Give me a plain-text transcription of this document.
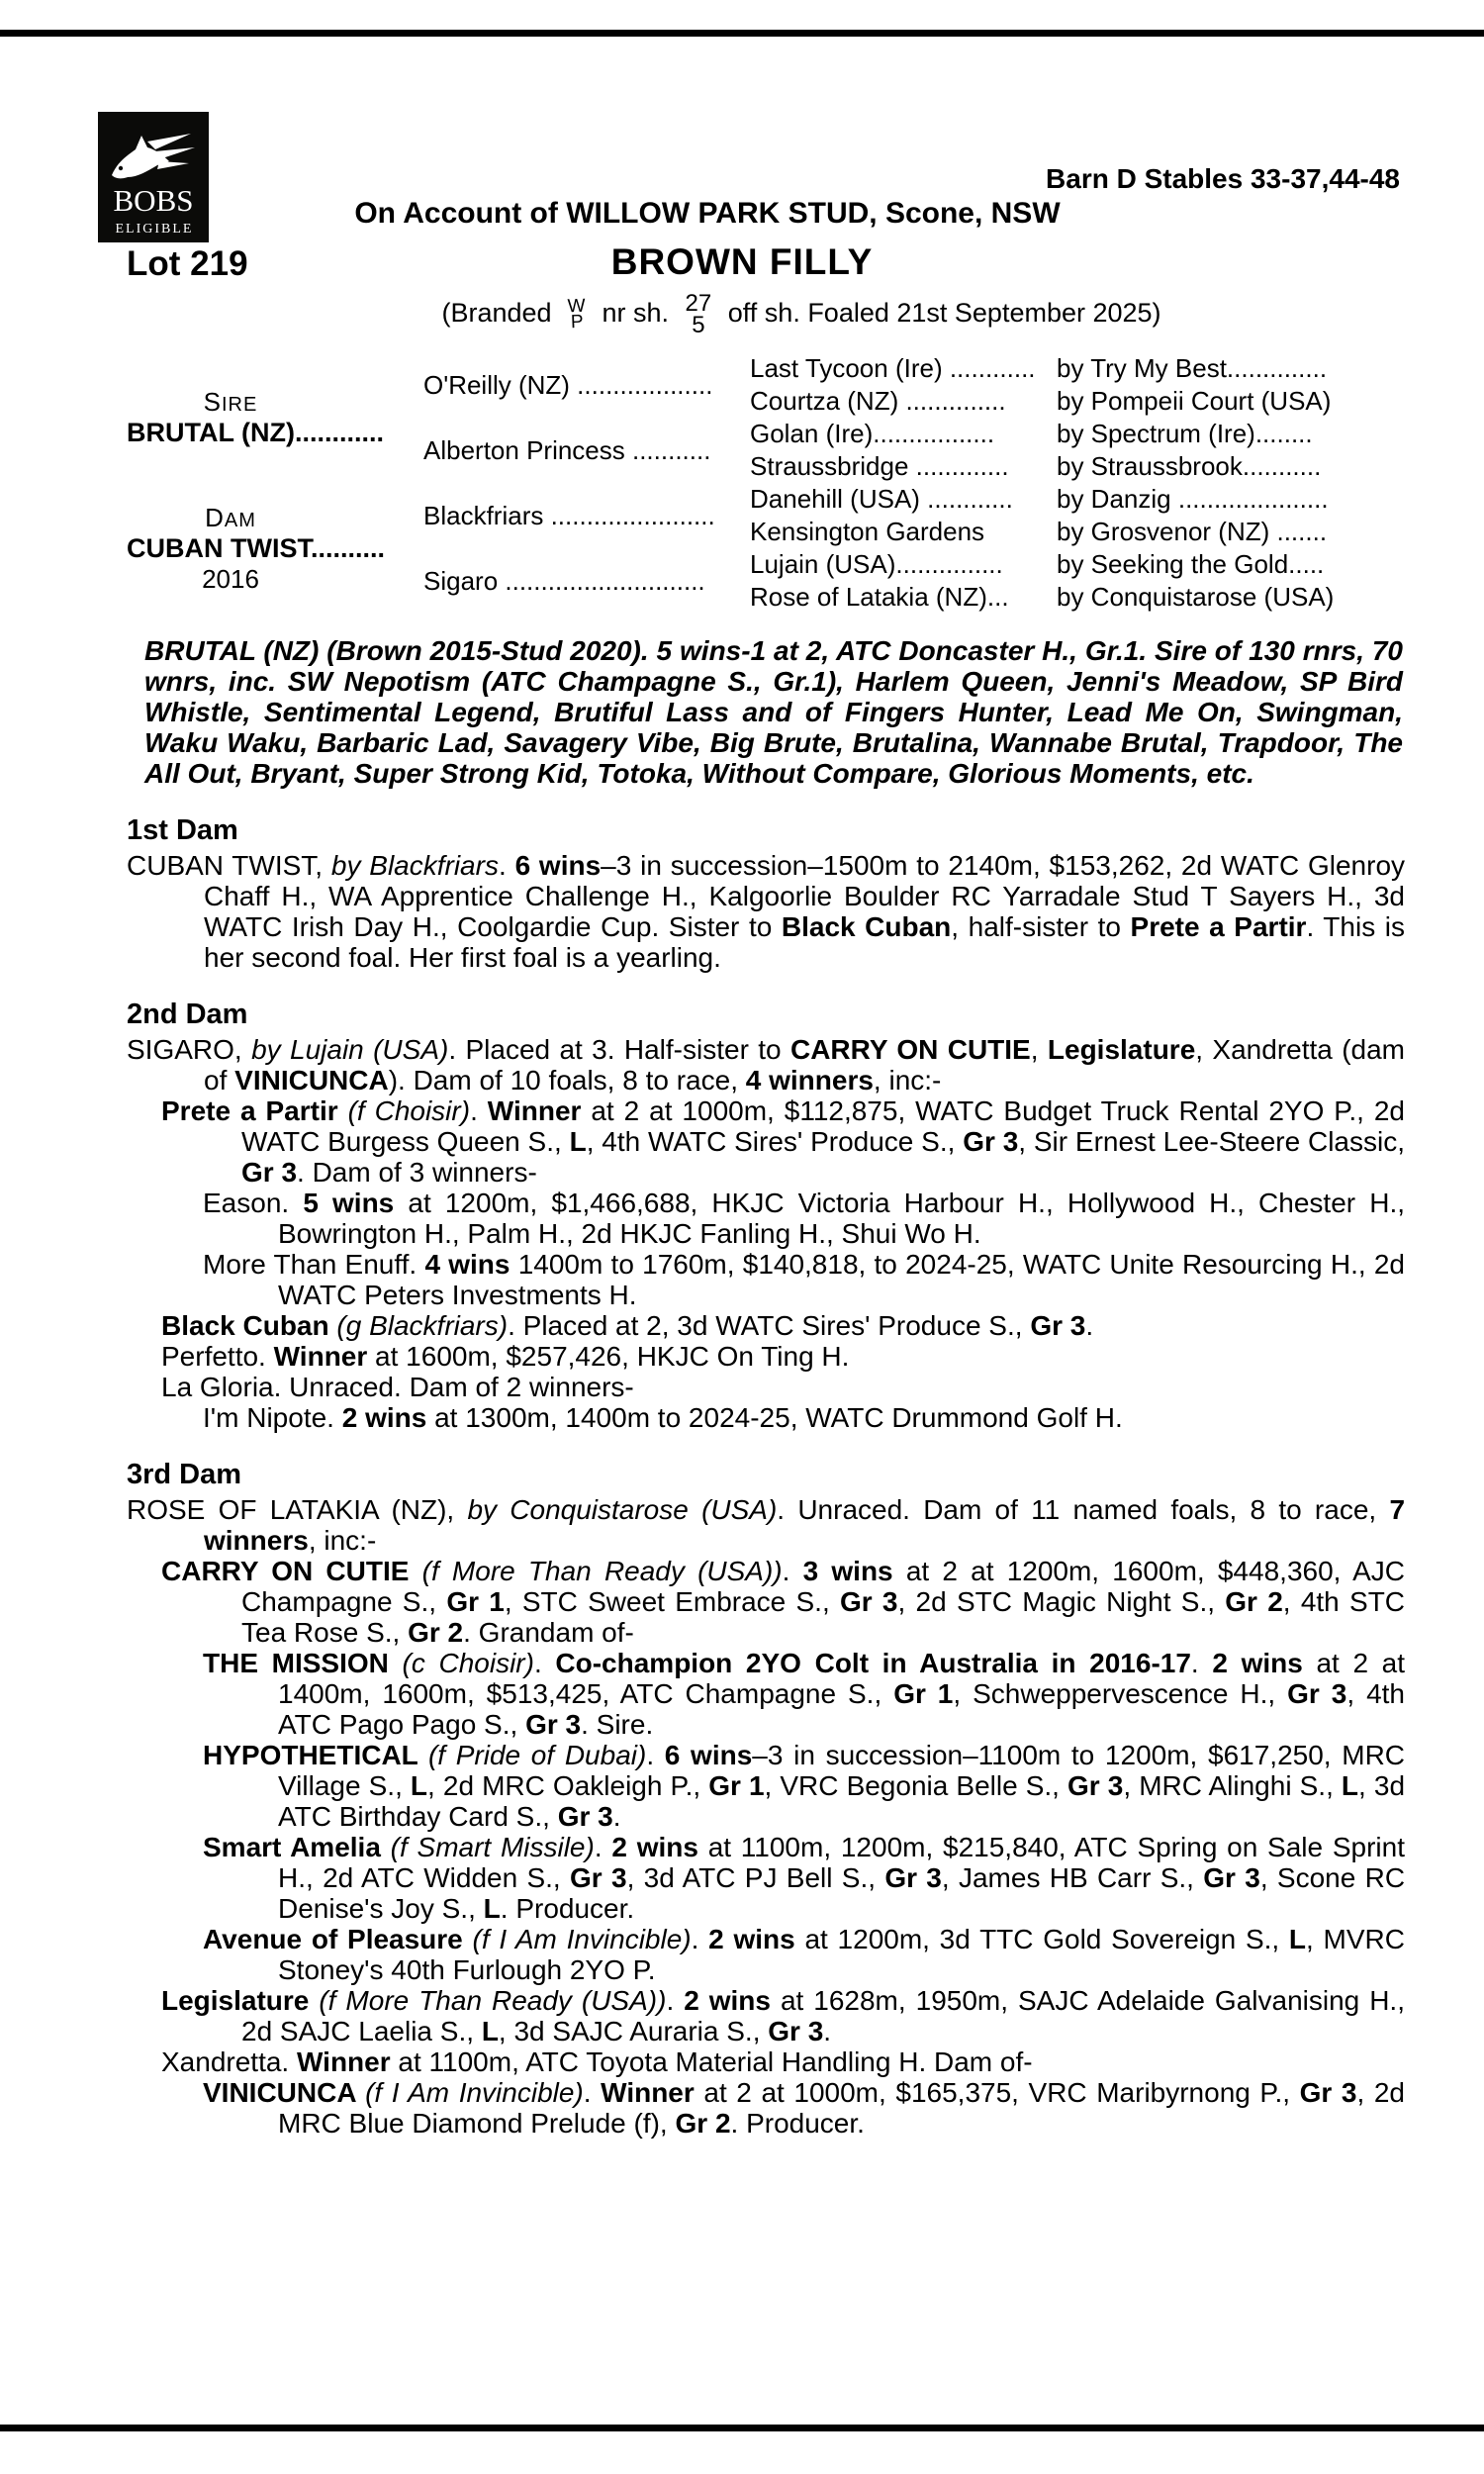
BOBS
ELIGIBLE
Barn D Stables 33-37,44-48
On Account of WILLOW PARK STUD, Scone, NSW
Lot 219	BROWN FILLY
(Branded W
P nr sh. 27
5 off sh. Foaled 21st September 2025)
SIRE
BRUTAL (NZ)............
DAM
CUBAN TWIST..........
2016
O'Reilly (NZ) ...................
Alberton Princess ...........
Blackfriars .......................
Sigaro ............................
Last Tycoon (Ire) ............ by Try My Best..............
Courtza (NZ) ..............	by Pompeii Court (USA)
Golan (Ire).................	by Spectrum (Ire)........
Straussbridge .............	by Straussbrook...........
Danehill (USA) ............	by Danzig .....................
Kensington Gardens	by Grosvenor (NZ) .......
Lujain (USA)...............	by Seeking the Gold.....
Rose of Latakia (NZ)...	by Conquistarose (USA)
BRUTAL (NZ) (Brown 2015-Stud 2020). 5 wins-1 at 2, ATC Doncaster H., Gr.1. Sire of 130 rnrs, 70 wnrs, inc. SW Nepotism (ATC Champagne S., Gr.1), Harlem Queen, Jenni's Meadow, SP Bird Whistle, Sentimental Legend, Brutiful Lass and of Fingers Hunter, Lead Me On, Swingman, Waku Waku, Barbaric Lad, Savagery Vibe, Big Brute, Brutalina, Wannabe Brutal, Trapdoor, The All Out, Bryant, Super Strong Kid, Totoka, Without Compare, Glorious Moments, etc.
1st Dam
CUBAN TWIST, by Blackfriars. 6 wins–3 in succession–1500m to 2140m, $153,262, 2d WATC Glenroy Chaff H., WA Apprentice Challenge H., Kalgoorlie Boulder RC Yarradale Stud T Sayers H., 3d WATC Irish Day H., Coolgardie Cup. Sister to Black Cuban, half-sister to Prete a Partir. This is her second foal. Her first foal is a yearling.
2nd Dam
SIGARO, by Lujain (USA). Placed at 3. Half-sister to CARRY ON CUTIE, Legislature, Xandretta (dam of VINICUNCA). Dam of 10 foals, 8 to race, 4 winners, inc:-
Prete a Partir (f Choisir). Winner at 2 at 1000m, $112,875, WATC Budget Truck Rental 2YO P., 2d WATC Burgess Queen S., L, 4th WATC Sires' Produce S., Gr 3, Sir Ernest Lee-Steere Classic, Gr 3. Dam of 3 winners-
Eason. 5 wins at 1200m, $1,466,688, HKJC Victoria Harbour H., Hollywood H., Chester H., Bowrington H., Palm H., 2d HKJC Fanling H., Shui Wo H.
More Than Enuff. 4 wins 1400m to 1760m, $140,818, to 2024-25, WATC Unite Resourcing H., 2d WATC Peters Investments H.
Black Cuban (g Blackfriars). Placed at 2, 3d WATC Sires' Produce S., Gr 3.
Perfetto. Winner at 1600m, $257,426, HKJC On Ting H.
La Gloria. Unraced. Dam of 2 winners-
I'm Nipote. 2 wins at 1300m, 1400m to 2024-25, WATC Drummond Golf H.
3rd Dam
ROSE OF LATAKIA (NZ), by Conquistarose (USA). Unraced. Dam of 11 named foals, 8 to race, 7 winners, inc:-
CARRY ON CUTIE (f More Than Ready (USA)). 3 wins at 2 at 1200m, 1600m, $448,360, AJC Champagne S., Gr 1, STC Sweet Embrace S., Gr 3, 2d STC Magic Night S., Gr 2, 4th STC Tea Rose S., Gr 2. Grandam of-
THE MISSION (c Choisir). Co-champion 2YO Colt in Australia in 2016-17. 2 wins at 2 at 1400m, 1600m, $513,425, ATC Champagne S., Gr 1, Schweppervescence H., Gr 3, 4th ATC Pago Pago S., Gr 3. Sire.
HYPOTHETICAL (f Pride of Dubai). 6 wins–3 in succession–1100m to 1200m, $617,250, MRC Village S., L, 2d MRC Oakleigh P., Gr 1, VRC Begonia Belle S., Gr 3, MRC Alinghi S., L, 3d ATC Birthday Card S., Gr 3.
Smart Amelia (f Smart Missile). 2 wins at 1100m, 1200m, $215,840, ATC Spring on Sale Sprint H., 2d ATC Widden S., Gr 3, 3d ATC PJ Bell S., Gr 3, James HB Carr S., Gr 3, Scone RC Denise's Joy S., L. Producer.
Avenue of Pleasure (f I Am Invincible). 2 wins at 1200m, 3d TTC Gold Sovereign S., L, MVRC Stoney's 40th Furlough 2YO P.
Legislature (f More Than Ready (USA)). 2 wins at 1628m, 1950m, SAJC Adelaide Galvanising H., 2d SAJC Laelia S., L, 3d SAJC Auraria S., Gr 3.
Xandretta. Winner at 1100m, ATC Toyota Material Handling H. Dam of-
VINICUNCA (f I Am Invincible). Winner at 2 at 1000m, $165,375, VRC Maribyrnong P., Gr 3, 2d MRC Blue Diamond Prelude (f), Gr 2. Producer.
